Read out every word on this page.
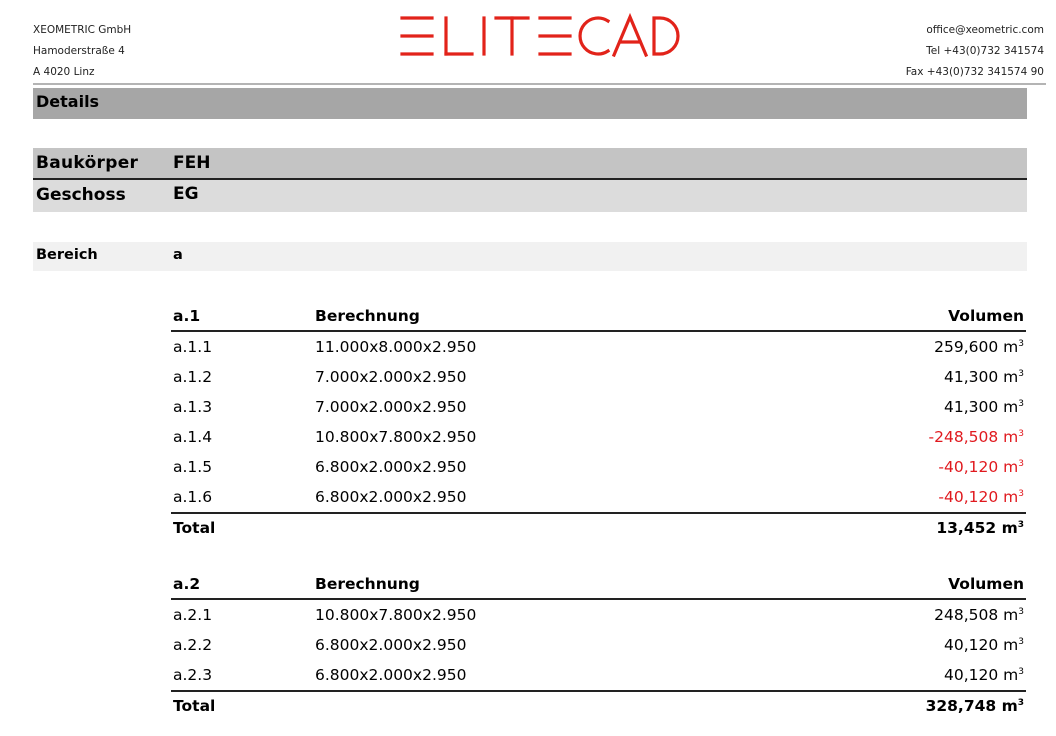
XEOMETRIC GmbH
Hamoderstraße 4
A 4020 Linz
office@xeometric.com
Tel +43(0)732 341574
Fax +43(0)732 341574 90
Details
Baukörper FEH
Geschoss	EG
Bereich	a
a.1	Berechnung	Volumen
a.1.1	11.000x8.000x2.950	259,600 $m^3$
a.1.2	7.000x2.000x2.950	41,300 $m^3$
a.1.3	7.000x2.000x2.950	41,300 $m^3$
a.1.4	10.800x7.800x2.950	-248,508 $m^3$
a.1.5	6.800x2.000x2.950	-40,120 $m^3$
a.1.6	6.800x2.000x2.950	-40,120 $m^3$
Total		13,452 $m^3$
a.2	Berechnung	Volumen
a.2.1	10.800x7.800x2.950	248,508 $m^3$
a.2.2	6.800x2.000x2.950	40,120 $m^3$
a.2.3	6.800x2.000x2.950	40,120 $m^3$
Total		328,748 $m^3$
